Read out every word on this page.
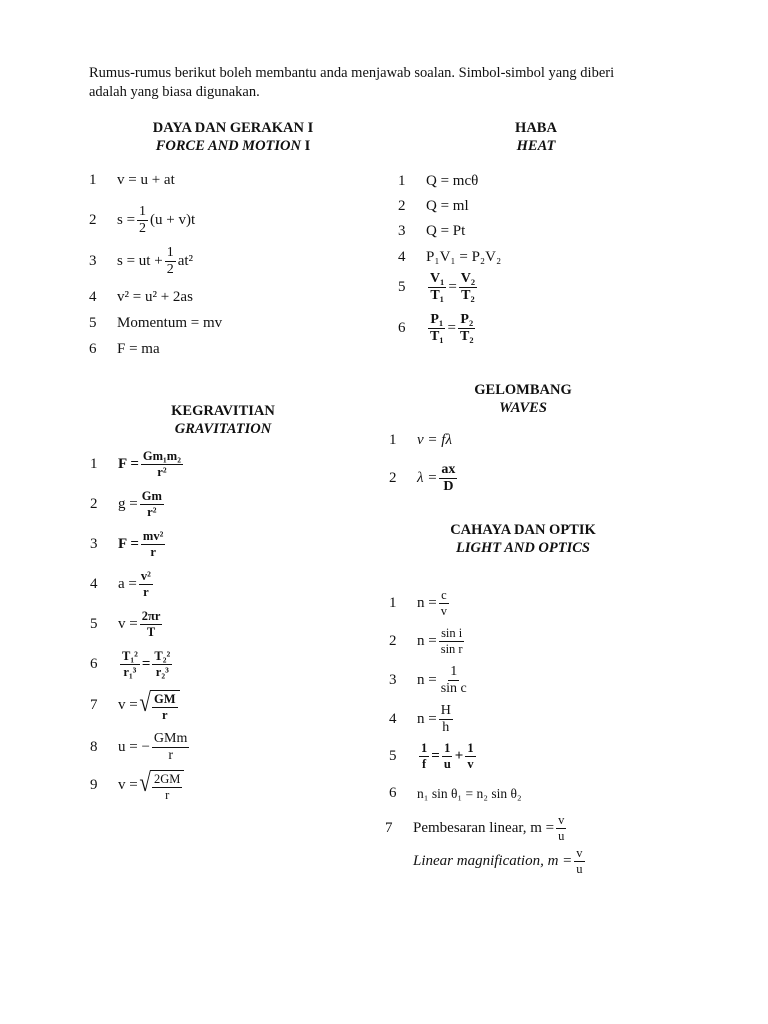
Rumus-rumus berikut boleh membantu anda menjawab soalan. Simbol-simbol yang diberi
adalah yang biasa digunakan.
DAYA DAN GERAKAN I
FORCE AND MOTION I
1	v = u + at
2	$s = \frac{1}{2} (u + v)t$
3	s = ut + $\frac{1}{2} at^2$
4	v² = u² + 2as
5	Momentum = mv
6	F = ma
HABA
HEAT
1	Q = mcθ
2	Q = ml
3	Q = Pt
4	P₁V₁ = P₂V₂
5	$\frac{\text{V₁}}{\text{T₁}} = \frac{\text{V₂}}{\text{T₂}}$
6	$\frac{\text{P₁}}{\text{T₁}} = \frac{\text{P₂}}{\text{T₂}}$
KEGRAVITIAN
GRAVITATION
1	$F = \frac{\text{Gm₁m₂}}{\text{r²}}$
2	$g = \frac{Gm}{\text{r²}}$
3	$F = \frac{\text{mv²}}{r}$
4	$a = \frac{\text{v²}}{r}$
5	$v = \frac{2\pi r}{T}$
6	$\frac{\text{T₁²}}{\text{r₁³}} = \frac{\text{T₂²}}{\text{r₂³}}$
7	v = √ $\frac{GM}{r}$
8	u = − $\frac{\text{GMm}}{r}$
9	v = √ $\frac{2GM}{r}$
GELOMBANG
WAVES
1	v = fλ
2	$\lambda = \frac{ax}{D}$
CAHAYA DAN OPTIK
LIGHT AND OPTICS
1	$n = \frac{c}{v}$
2	$n = \frac{\text{sin i}}{\text{sin r}}$
3	$n = \frac{1}{\text{sin c}}$
4	$n = \frac{H}{h}$
5	$\frac{1}{f} = \frac{1}{u} + \frac{1}{v}$
6	n₁ sin θ₁ = n₂ sin θ₂
7	Pembesaran linear, $m = \frac{v}{u}$
Linear magnification, $m = \frac{v}{u}$
